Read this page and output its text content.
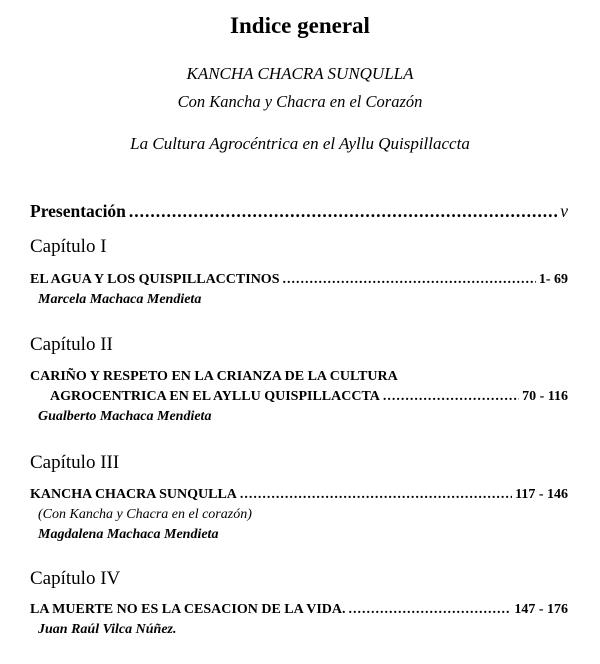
Indice general
KANCHA CHACRA SUNQULLA
Con Kancha y Chacra en el Corazón
La Cultura Agrocéntrica en el Ayllu Quispillaccta
Presentación .....	v
Capítulo I
EL AGUA Y LOS QUISPILLACCTINOS .....	1- 69
Marcela Machaca Mendieta
Capítulo II
CARIÑO Y RESPETO EN LA CRIANZA DE LA CULTURA
AGROCENTRICA EN EL AYLLU QUISPILLACCTA .....	70 - 116
Gualberto Machaca Mendieta
Capítulo III
KANCHA CHACRA SUNQULLA .....	117 - 146
(Con Kancha y Chacra en el corazón)
Magdalena Machaca Mendieta
Capítulo IV
LA MUERTE NO ES LA CESACION DE LA VIDA. .....	147 - 176
Juan Raúl Vilca Núñez.
